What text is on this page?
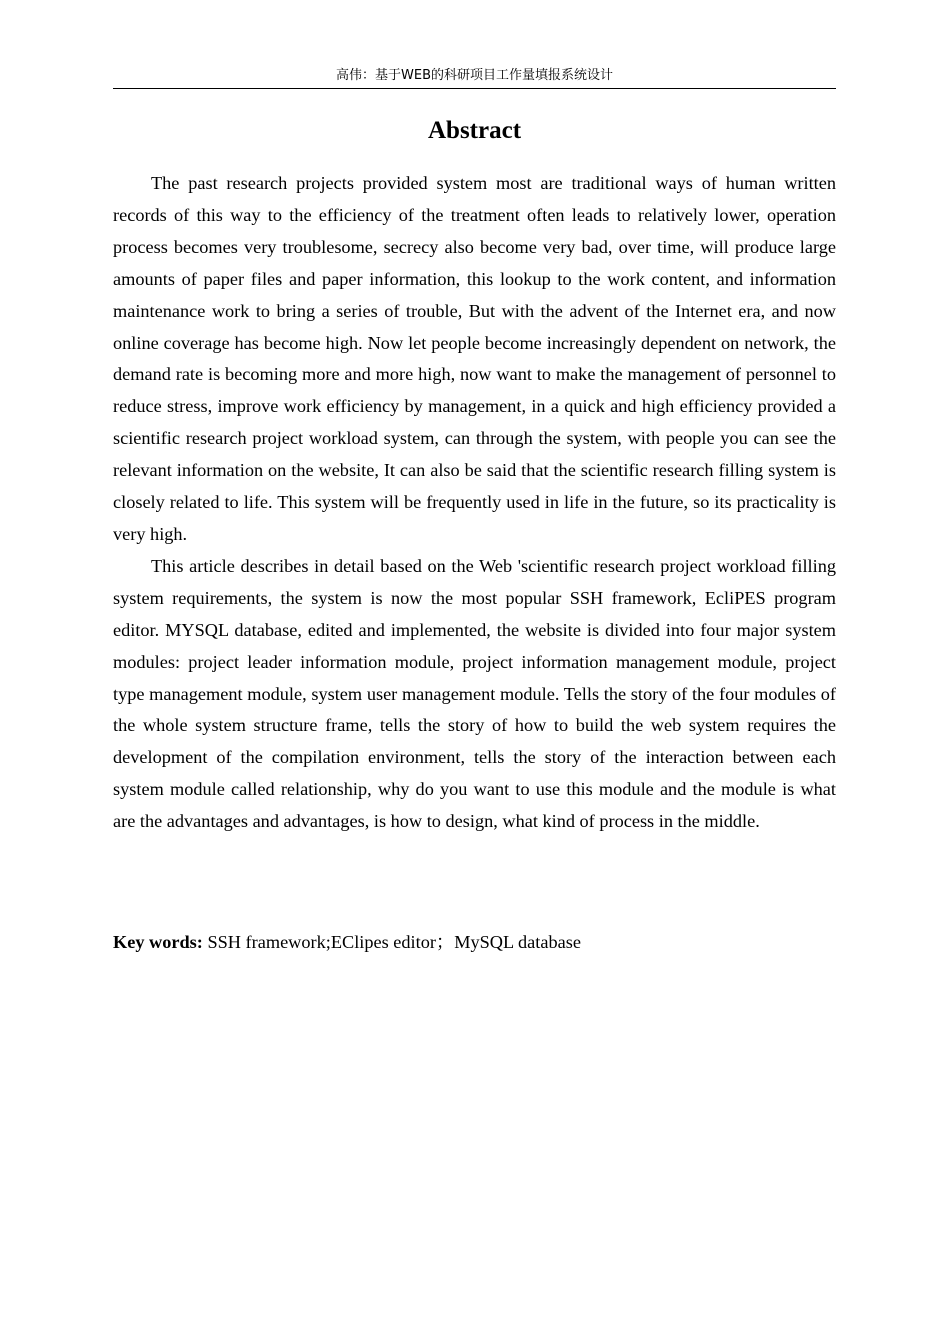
高伟：基于WEB的科研项目工作量填报系统设计
Abstract

The past research projects provided system most are traditional ways of human written records of this way to the efficiency of the treatment often leads to relatively lower, operation process becomes very troublesome, secrecy also become very bad, over time, will produce large amounts of paper files and paper information, this lookup to the work content, and information maintenance work to bring a series of trouble, But with the advent of the Internet era, and now online coverage has become high. Now let people become increasingly dependent on network, the demand rate is becoming more and more high, now want to make the management of personnel to reduce stress, improve work efficiency by management, in a quick and high efficiency provided a scientific research project workload system, can through the system, with people you can see the relevant information on the website, It can also be said that the scientific research filling system is closely related to life. This system will be frequently used in life in the future, so its practicality is very high.

This article describes in detail based on the Web 'scientific research project workload filling system requirements, the system is now the most popular SSH framework, EcliPES program editor. MYSQL database, edited and implemented, the website is divided into four major system modules: project leader information module, project information management module, project type management module, system user management module. Tells the story of the four modules of the whole system structure frame, tells the story of how to build the web system requires the development of the compilation environment, tells the story of the interaction between each system module called relationship, why do you want to use this module and the module is what are the advantages and advantages, is how to design, what kind of process in the middle.

Key words: SSH framework;EClipes editor；MySQL database
